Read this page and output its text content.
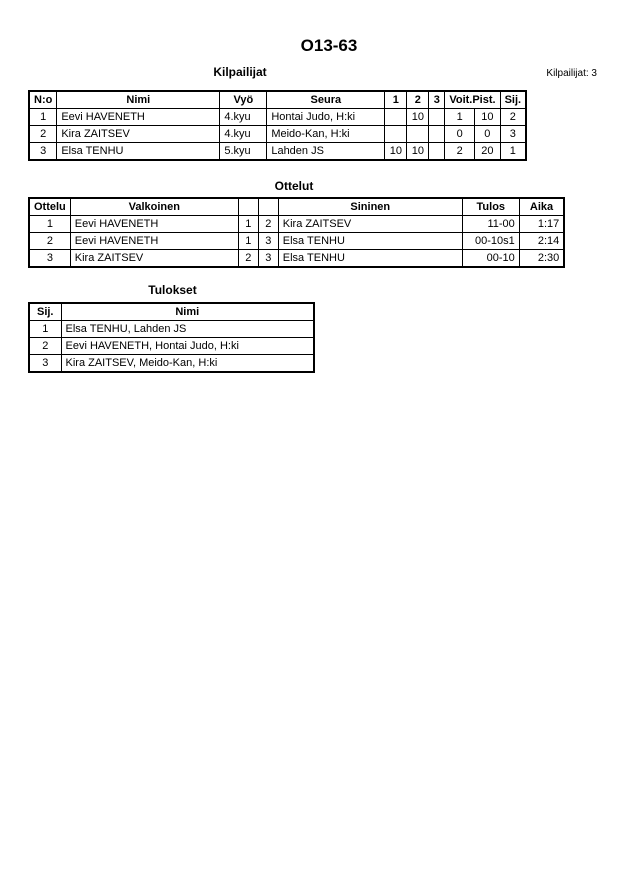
O13-63
Kilpailijat	Kilpailijat: 3
N:o	Nimi	Vyö	Seura	1	2	3	Voit.Pist.		Sij.
1	Eevi HAVENETH	4.kyu	Hontai Judo, H:ki		10		1	10	2
2	Kira ZAITSEV	4.kyu	Meido-Kan, H:ki				0	0	3
3	Elsa TENHU	5.kyu	Lahden JS	10	10		2	20	1
Ottelut
Ottelu	Valkoinen			Sininen	Tulos	Aika
1	Eevi HAVENETH	1	2	Kira ZAITSEV	11-00	1:17
2	Eevi HAVENETH	1	3	Elsa TENHU	00-10s1	2:14
3	Kira ZAITSEV	2	3	Elsa TENHU	00-10	2:30
Tulokset
Sij.	Nimi
1	Elsa TENHU, Lahden JS
2	Eevi HAVENETH, Hontai Judo, H:ki
3	Kira ZAITSEV, Meido-Kan, H:ki
